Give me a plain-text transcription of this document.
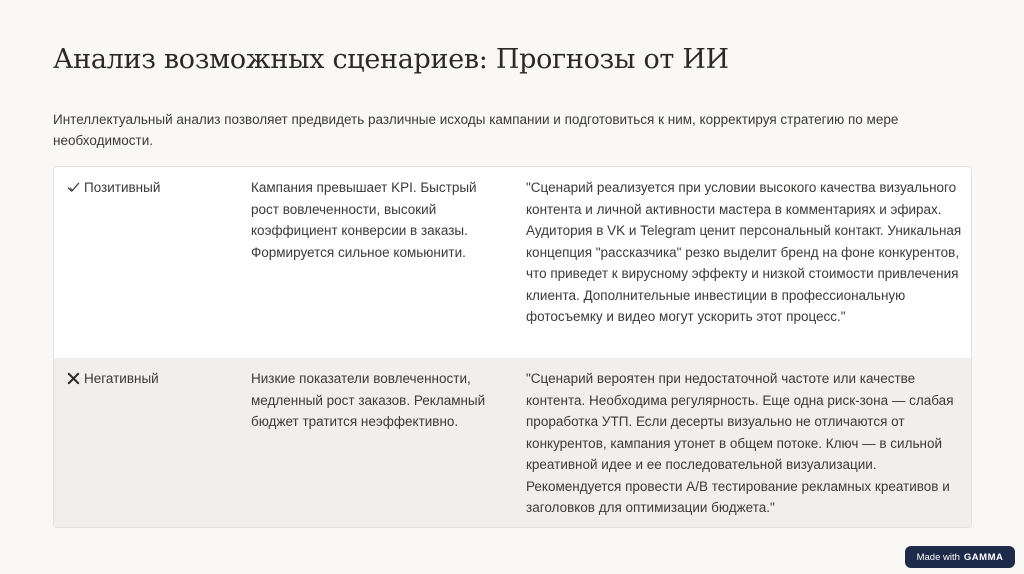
Анализ возможных сценариев: Прогнозы от ИИ

Интеллектуальный анализ позволяет предвидеть различные исходы кампании и подготовиться к ним, корректируя стратегию по мере необходимости.

Позитивный	Кампания превышает KPI. Быстрый рост вовлеченности, высокий коэффициент конверсии в заказы. Формируется сильное комьюнити.
"Сценарий реализуется при условии высокого качества визуального контента и личной активности мастера в комментариях и эфирах. Аудитория в VK и Telegram ценит персональный контакт. Уникальная концепция "рассказчика" резко выделит бренд на фоне конкурентов, что приведет к вирусному эффекту и низкой стоимости привлечения клиента. Дополнительные инвестиции в профессиональную фотосъемку и видео могут ускорить этот процесс."
Негативный	Низкие показатели вовлеченности, медленный рост заказов. Рекламный бюджет тратится неэффективно.
"Сценарий вероятен при недостаточной частоте или качестве контента. Необходима регулярность. Еще одна риск-зона — слабая проработка УТП. Если десерты визуально не отличаются от конкурентов, кампания утонет в общем потоке. Ключ — в сильной креативной идее и ее последовательной визуализации. Рекомендуется провести A/B тестирование рекламных креативов и заголовков для оптимизации бюджета."
Made with GAMMA
